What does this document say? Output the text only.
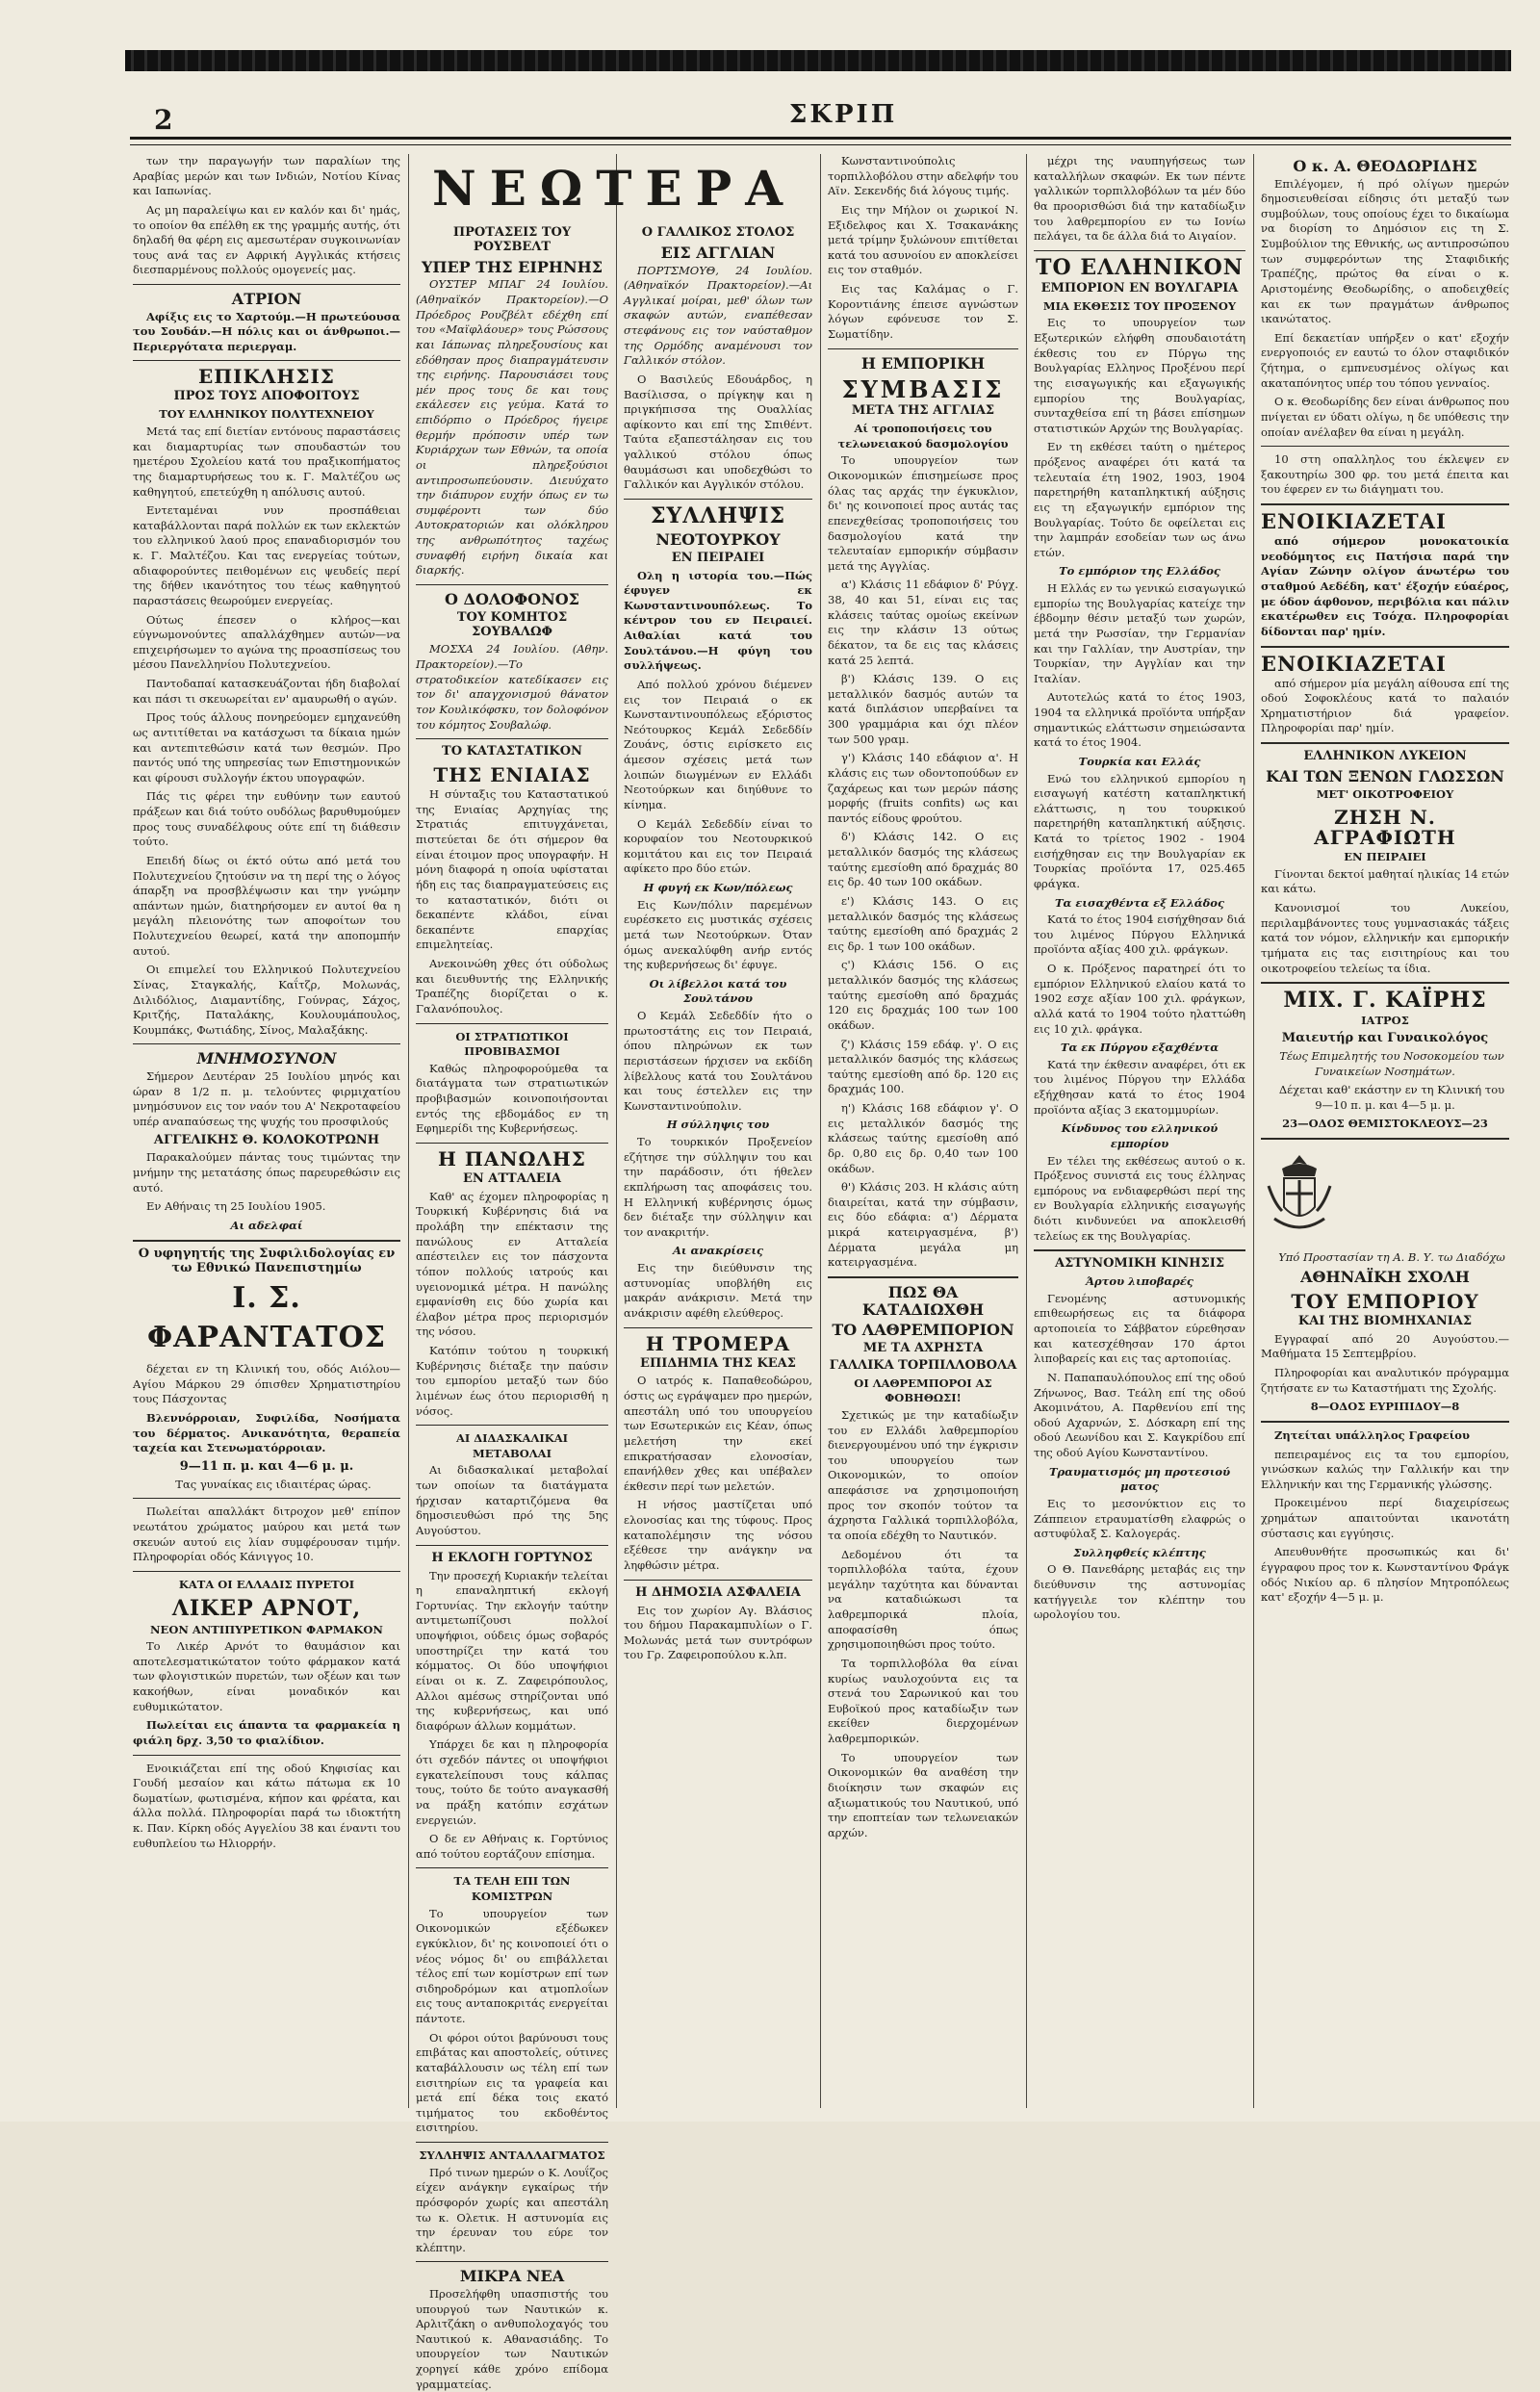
2	ΣΚΡΙΠ
ΝΕΩΤΕΡΑ

των την παραγωγήν των παραλίων της Αραβίας μερών και των Ινδιών, Νοτίου Κίνας και Ιαπωνίας.

Ας μη παραλείψω και εν καλόν και δι' ημάς, το οποίον θα επέλθη εκ της γραμμής αυτής, ότι δηλαδή θα φέρη εις αμεσωτέραν συγκοινωνίαν τους ανά τας εν Αφρική Αγγλικάς κτήσεις διεσπαρμένους πολλούς ομογενείς μας.

ΑΤΡΙΟΝ

Αφίξις εις το Χαρτούμ.—Η πρωτεύουσα του Σουδάν.—Η πόλις και οι άνθρωποι.—Περιεργότατα περιεργαμ.

ΕΠΙΚΛΗΣΙΣ
ΠΡΟΣ ΤΟΥΣ ΑΠΟΦΟΙΤΟΥΣ
ΤΟΥ ΕΛΛΗΝΙΚΟΥ ΠΟΛΥΤΕΧΝΕΙΟΥ

Μετά τας επί διετίαν εντόνους παραστάσεις και διαμαρτυρίας των σπουδαστών του ημετέρου Σχολείου κατά του πραξικοπήματος της διαμαρτυρήσεως του κ. Γ. Μαλτέζου ως καθηγητού, επετεύχθη η απόλυσις αυτού.

Εντεταμέναι νυν προσπάθειαι καταβάλλονται παρά πολλών εκ των εκλεκτών του ελληνικού λαού προς επαναδιορισμόν του κ. Γ. Μαλτέζου. Και τας ενεργείας τούτων, αδιαφορούντες πειθομένων εις ψευδείς περί της δήθεν ικανότητος του τέως καθηγητού παραστάσεις θεωρούμεν ενεργείας.

Ούτως έπεσεν ο κλήρος—και εύγνωμονούντες απαλλάχθημεν αυτών—να επιχειρήσωμεν το αγώνα της προασπίσεως του μέσου Πανελληνίου Πολυτεχνείου.

Παντοδαπαί κατασκευάζονται ήδη διαβολαί και πάσι τι σκευωρείται εν' αμαυρωθή ο αγών.

Προς τούς άλλους πονηρεύομεν εμηχανεύθη ως αντιτίθεται να κατάσχωσι τα δίκαια ημών και αντεπιτεθώσιν κατά των θεσμών. Προ παντός υπό της υπηρεσίας των Επιστημονικών και φίρουσι συλλογήν έκτου υπογραφών.

Πάς τις φέρει την ευθύνην των εαυτού πράξεων και διά τούτο ουδόλως βαρυθυμούμεν προς τους συναδέλφους ούτε επί τη διάθεσιν τούτο.

Επειδή δίως οι έκτό ούτω από μετά του Πολυτεχνείου ζητούσιν να τη περί της ο λόγος άπαρξη να προσβλέψωσιν και την γνώμην απάντων ημών, διατηρήσομεν εν αυτοί θα η μεγάλη πλειονότης των αποφοίτων του Πολυτεχνείου θεωρεί, κατά την αποπομπήν αυτού.

Οι επιμελεί του Ελληνικού Πολυτεχνείου Σίνας, Σταγκαλής, Καΐτζρ, Μολωνάς, Διλιδόλιος, Διαμαντίδης, Γούνρας, Σάχος, Κριτζής, Παταλάκης, Κουλουμάπουλος, Κουμπάκς, Φωτιάδης, Σίνος, Μαλαξάκης.

ΜΝΗΜΟΣΥΝΟΝ

Σήμερον Δευτέραν 25 Ιουλίου μηνός και ώραν 8 1/2 π. μ. τελούντες φιρμιχατίου μνημόσυνον εις τον ναόν του Α' Νεκροταφείου υπέρ αναπαύσεως της ψυχής του προσφιλούς

ΑΓΓΕΛΙΚΗΣ Θ. ΚΟΛΟΚΟΤΡΩΝΗ

Παρακαλούμεν πάντας τους τιμώντας την μνήμην της μετατάσης όπως παρευρεθώσιν εις αυτό.

Εν Αθήναις τη 25 Ιουλίου 1905.

Αι αδελφαί
Ο υφηγητής της Συφιλιδολογίας εν τω Εθνικώ Πανεπιστημίω
Ι. Σ. ΦΑΡΑΝΤΑΤΟΣ

δέχεται εν τη Κλινική του, οδός Αιόλου—Αγίου Μάρκου 29 όπισθεν Χρηματιστηρίου τους Πάσχοντας

Βλεννόρροιαν, Συφιλίδα, Νοσήματα του δέρματος. Ανικανότητα, θεραπεία ταχεία και Στενωματόρροιαν.

9—11 π. μ. και 4—6 μ. μ.

Τας γυναίκας εις ιδιαιτέρας ώρας.

Πωλείται απαλλάκτ διτροχον μεθ' επίπον νεωτάτου χρώματος μαύρου και μετά των σκευών αυτού εις λίαν συμφέρουσαν τιμήν. Πληροφορίαι οδός Κάνιγγος 10.

ΚΑΤΑ ΟΙ ΕΛΛΑΔΙΣ ΠΥΡΕΤΟΙ
ΛΙΚΕΡ ΑΡΝΟΤ,
ΝΕΟΝ ΑΝΤΙΠΥΡΕΤΙΚΟΝ ΦΑΡΜΑΚΟΝ

Το Λικέρ Αρνότ το θαυμάσιον και αποτελεσματικώτατον τούτο φάρμακον κατά των φλογιστικών πυρετών, των οξέων και των κακοήθων, είναι μοναδικόν και ευθυμικώτατον.

Πωλείται εις άπαντα τα φαρμακεία η φιάλη δρχ. 3,50 το φιαλίδιον.

Ενοικιάζεται επί της οδού Κηφισίας και Γουδή μεσαίον και κάτω πάτωμα εκ 10 δωματίων, φωτισμένα, κήπον και φρέατα, και άλλα πολλά. Πληροφορίαι παρά τω ιδιοκτήτη κ. Παν. Κίρκη οδός Αγγελίου 38 και έναντι του ευθυπλείου τω Ηλιορρήν.

ΠΡΟΤΑΣΕΙΣ ΤΟΥ ΡΟΥΣΒΕΛΤ
ΥΠΕΡ ΤΗΣ ΕΙΡΗΝΗΣ

ΟΥΣΤΕΡ ΜΠΑΓ 24 Ιουλίου. (Αθηναϊκόν Πρακτορείον).—Ο Πρόεδρος Ρουζβέλτ εδέχθη επί του «Μαϊφλάουερ» τους Ρώσσους και Ιάπωνας πληρεξουσίους και εδόθησαν προς διαπραγμάτευσιν της ειρήνης. Παρουσιάσει τους μέν προς τους δε και τους εκάλεσεν εις γεύμα. Κατά το επιδόρπιο ο Πρόεδρος ήγειρε θερμήν πρόποσιν υπέρ των Κυριάρχων των Εθνών, τα οποία οι πληρεξούσιοι αντιπροσωπεύουσιν. Διευύχατο την διάπυρον ευχήν όπως εν τω συμφέροντι των δύο Αυτοκρατοριών και ολόκληρου της ανθρωπότητος ταχέως συναφθή ειρήνη δικαία και διαρκής.

Ο ΔΟΛΟΦΟΝΟΣ
ΤΟΥ ΚΟΜΗΤΟΣ ΣΟΥΒΑΛΩΦ

ΜΟΣΧΑ 24 Ιουλίου. (Αθην. Πρακτορείον).—Το στρατοδικείον κατεδίκασεν εις τον δι' απαγχονισμού θάνατον τον Κουλικόφσκυ, τον δολοφόνον του κόμητος Σουβαλώφ.

ΤΟ ΚΑΤΑΣΤΑΤΙΚΟΝ
ΤΗΣ ΕΝΙΑΙΑΣ

Η σύνταξις του Καταστατικού της Ενιαίας Αρχηγίας της Στρατιάς επιτυγχάνεται, πιστεύεται δε ότι σήμερον θα είναι έτοιμον προς υπογραφήν. Η μόνη διαφορά η οποία υφίσταται ήδη εις τας διαπραγματεύσεις εις το καταστατικόν, διότι οι δεκαπέντε κλάδοι, είναι δεκαπέντε επαρχίας επιμελητείας.

Ανεκοινώθη χθες ότι ούδολως και διευθυντής της Ελληνικής Τραπέζης διορίζεται ο κ. Γαλανόπουλος.

ΟΙ ΣΤΡΑΤΙΩΤΙΚΟΙ ΠΡΟΒΙΒΑΣΜΟΙ

Καθώς πληροφορούμεθα τα διατάγματα των στρατιωτικών προβιβασμών κοινοποιήσονται εντός της εβδομάδος εν τη Εφημερίδι της Κυβερνήσεως.

Η ΠΑΝΩΛΗΣ
ΕΝ ΑΤΤΑΛΕΙΑ

Καθ' ας έχομεν πληροφορίας η Τουρκική Κυβέρνησις διά να προλάβη την επέκτασιν της πανώλους εν Ατταλεία απέστειλεν εις τον πάσχοντα τόπον πολλούς ιατρούς και υγειονομικά μέτρα. Η πανώλης εμφανίσθη εις δύο χωρία και έλαβον μέτρα προς περιορισμόν της νόσου.

Κατόπιν τούτου η τουρκική Κυβέρνησις διέταξε την παύσιν του εμπορίου μεταξύ των δύο λιμένων έως ότου περιορισθή η νόσος.

ΑΙ ΔΙΔΑΣΚΑΛΙΚΑΙ ΜΕΤΑΒΟΛΑΙ

Αι διδασκαλικαί μεταβολαί των οποίων τα διατάγματα ήρχισαν καταρτιζόμενα θα δημοσιευθώσι πρό της 5ης Αυγούστου.

Η ΕΚΛΟΓΗ ΓΟΡΤΥΝΟΣ

Την προσεχή Κυριακήν τελείται η επαναληπτική εκλογή Γορτυνίας. Την εκλογήν ταύτην αντιμετωπίζουσι πολλοί υποψήφιοι, ούδεις όμως σοβαρός υποστηρίζει την κατά του κόμματος. Οι δύο υποψήφιοι είναι οι κ. Ζ. Ζαφειρόπουλος, Αλλοι αμέσως στηρίζονται υπό της κυβερνήσεως, και υπό διαφόρων άλλων κομμάτων.

Υπάρχει δε και η πληροφορία ότι σχεδόν πάντες οι υποψήφιοι εγκατελείπουσι τους κάλπας τους, τούτο δε τούτο αναγκασθή να πράξη κατόπιν εσχάτων ενεργειών.

Ο δε εν Αθήναις κ. Γορτύνιος από τούτου εορτάζουν επίσημα.

ΤΑ ΤΕΛΗ ΕΠΙ ΤΩΝ ΚΟΜΙΣΤΡΩΝ

Το υπουργείον των Οικονομικών εξέδωκεν εγκύκλιον, δι' ης κοινοποιεί ότι ο νέος νόμος δι' ου επιβάλλεται τέλος επί των κομίστρων επί των σιδηροδρόμων και ατμοπλοΐων εις τους ανταποκριτάς ενεργείται πάντοτε.

Οι φόροι ούτοι βαρύνουσι τους επιβάτας και αποστολείς, ούτινες καταβάλλουσιν ως τέλη επί των εισιτηρίων εις τα γραφεία και μετά επί δέκα τοις εκατό τιμήματος του εκδοθέντος εισιτηρίου.

ΣΥΛΛΗΨΙΣ ΑΝΤΑΛΛΑΓΜΑΤΟΣ

Πρό τινων ημερών ο Κ. Λουΐζος είχεν ανάγκην εγκαίρως τήν πρόσφορόν χωρίς και απεστάλη τω κ. Ολετικ. Η αστυνομία εις την έρευναν του εύρε τον κλέπτην.

ΜΙΚΡΑ ΝΕΑ

Προσελήφθη υπασπιστής του υπουργού των Ναυτικών κ. Αρλιτζάκη ο ανθυπολοχαγός του Ναυτικού κ. Αθανασιάδης. Το υπουργείον των Ναυτικών χορηγεί κάθε χρόνο επίδομα γραμματείας.

Ο ΓΑΛΛΙΚΟΣ ΣΤΟΛΟΣ
ΕΙΣ ΑΓΓΛΙΑΝ

ΠΟΡΤΣΜΟΥΘ, 24 Ιουλίου. (Αθηναϊκόν Πρακτορείον).—Αι Αγγλικαί μοίραι, μεθ' όλων των σκαφών αυτών, εναπέθεσαν στεφάνους εις τον ναύσταθμον της Ορμόδης αναμένουσι τον Γαλλικόν στόλον.

Ο Βασιλεύς Εδουάρδος, η Βασίλισσα, ο πρίγκηψ και η πριγκήπισσα της Ουαλλίας αφίκοντο και επί της Σπιθέντ. Ταύτα εξαπεστάλησαν εις του γαλλικού στόλου όπως θαυμάσωσι και υποδεχθώσι το Γαλλικόν και Αγγλικόν στόλου.

ΣΥΛΛΗΨΙΣ
ΝΕΟΤΟΥΡΚΟΥ
ΕΝ ΠΕΙΡΑΙΕΙ

Ολη η ιστορία του.—Πώς έφυγεν εκ Κωνσταντινουπόλεως. Το κέντρον του εν Πειραιεί. Αιθαλίαι κατά του Σουλτάνου.—Η φύγη του συλλήψεως.

Από πολλού χρόνου διέμενεν εις τον Πειραιά ο εκ Κωνσταντινουπόλεως εξόριστος Νεότουρκος Κεμάλ Σεδεδδίν Ζουάνς, όστις ειρίσκετο εις άμεσον σχέσεις μετά των λοιπών διωγμένων εν Ελλάδι Νεοτούρκων και διηύθυνε το κίνημα.

Ο Κεμάλ Σεδεδδίν είναι το κορυφαίον του Νεοτουρκικού κομιτάτου και εις τον Πειραιά αφίκετο προ δύο ετών.

Η φυγή εκ Κων/πόλεως

Εις Κων/πόλιν παρεμένων ευρέσκετο εις μυστικάς σχέσεις μετά των Νεοτούρκων. Όταν όμως ανεκαλύφθη ανήρ εντός της κυβερνήσεως δι' έφυγε.

Οι λίβελλοι κατά του Σουλτάνου

Ο Κεμάλ Σεδεδδίν ήτο ο πρωτοστάτης εις τον Πειραιά, όπου πληρώνων εκ των περιστάσεων ήρχισεν να εκδίδη λίβελλους κατά του Σουλτάνου και τους έστελλεν εις την Κωνσταντινούπολιν.

Η σύλληψις του

Το τουρκικόν Προξενείον εζήτησε την σύλληψιν του και την παράδοσιν, ότι ήθελεν εκπλήρωση τας αποφάσεις του. Η Ελληνική κυβέρνησις όμως δεν διέταξε την σύλληψιν και τον ανακριτήν.

Αι ανακρίσεις

Εις την διεύθυνσιν της αστυνομίας υποβλήθη εις μακράν ανάκρισιν. Μετά την ανάκρισιν αφέθη ελεύθερος.

Η ΤΡΟΜΕΡΑ
ΕΠΙΔΗΜΙΑ ΤΗΣ ΚΕΑΣ

Ο ιατρός κ. Παπαθεοδώρου, όστις ως εγράψαμεν προ ημερών, απεστάλη υπό του υπουργείου των Εσωτερικών εις Κέαν, όπως μελετήση την εκεί επικρατήσασαν ελονοσίαν, επανήλθεν χθες και υπέβαλεν έκθεσιν περί των μελετών.

Η νήσος μαστίζεται υπό ελονοσίας και της τύφους. Προς καταπολέμησιν της νόσου εξέθεσε την ανάγκην να ληφθώσιν μέτρα.

Η ΔΗΜΟΣΙΑ ΑΣΦΑΛΕΙΑ

Εις τον χωρίον Αγ. Βλάσιος του δήμου Παρακαμπυλίων ο Γ. Μολωνάς μετά των συντρόφων του Γρ. Ζαφειροπούλου κ.λπ.

Κωνσταντινούπολις τορπιλλοβόλου στην αδελφήν του Αϊν. Σεκενδής διά λόγους τιμής.

Εις την Μήλον οι χωρικοί Ν. Εξιδελφος και Χ. Τσακανάκης μετά τρίμην ξυλώνουν επιτίθεται κατά του ασυνοίου εν αποκλείσει εις τον σταθμόν.

Εις τας Καλάμας ο Γ. Κοροντιάνης έπεισε αγνώστων λόγων εφόνευσε τον Σ. Σωματίδην.

Η ΕΜΠΟΡΙΚΗ
ΣΥΜΒΑΣΙΣ
ΜΕΤΑ ΤΗΣ ΑΓΓΛΙΑΣ
Αί τροποποιήσεις του τελωνειακού δασμολογίου

Το υπουργείον των Οικονομικών έπισημείωσε προς όλας τας αρχάς την έγκυκλιον, δι' ης κοινοποιεί προς αυτάς τας επενεχθείσας τροποποιήσεις του δασμολογίου κατά την τελευταίαν εμπορικήν σύμβασιν μετά της Αγγλίας.

α') Κλάσις 11 εδάφιον δ' Ρύγχ. 38, 40 και 51, είναι εις τας κλάσεις ταύτας ομοίως εκείνων εις την κλάσιν 13 ούτως δέκατον, τα δε εις τας κλάσεις κατά 25 λεπτά.

β') Κλάσις 139. Ο εις μεταλλικόν δασμός αυτών τα κατά διπλάσιον υπερβαίνει τα 300 γραμμάρια και όχι πλέον των 500 γραμ.

γ') Κλάσις 140 εδάφιον α'. Η κλάσις εις των οδοντοπούδων εν ζαχάρεως και των μερών πάσης μορφής (fruits confits) ως και παντός είδους φρούτου.

δ') Κλάσις 142. Ο εις μεταλλικόν δασμός της κλάσεως ταύτης εμεσίοθη από δραχμάς 80 εις δρ. 40 των 100 οκάδων.

ε') Κλάσις 143. Ο εις μεταλλικόν δασμός της κλάσεως ταύτης εμεσίοθη από δραχμάς 2 εις δρ. 1 των 100 οκάδων.

ς') Κλάσις 156. Ο εις μεταλλικόν δασμός της κλάσεως ταύτης εμεσίοθη από δραχμάς 120 εις δραχμάς 100 των 100 οκάδων.

ζ') Κλάσις 159 εδάφ. γ'. Ο εις μεταλλικόν δασμός της κλάσεως ταύτης εμεσίοθη από δρ. 120 εις δραχμάς 100.

η') Κλάσις 168 εδάφιον γ'. Ο εις μεταλλικόν δασμός της κλάσεως ταύτης εμεσίοθη από δρ. 0,80 εις δρ. 0,40 των 100 οκάδων.

θ') Κλάσις 203. Η κλάσις αύτη διαιρείται, κατά την σύμβασιν, εις δύο εδάφια: α') Δέρματα μικρά κατειργασμένα, β') Δέρματα μεγάλα μη κατειργασμένα.

ΠΩΣ ΘΑ ΚΑΤΑΔΙΩΧΘΗ
ΤΟ ΛΑΘΡΕΜΠΟΡΙΟΝ
ΜΕ ΤΑ ΑΧΡΗΣΤΑ
ΓΑΛΛΙΚΑ ΤΟΡΠΙΛΛΟΒΟΛΑ
ΟΙ ΛΑΘΡΕΜΠΟΡΟΙ ΑΣ ΦΟΒΗΘΩΣΙ!

Σχετικώς με την καταδίωξιν του εν Ελλάδι λαθρεμπορίου διενεργουμένου υπό την έγκρισιν του υπουργείου των Οικονομικών, το οποίον απεφάσισε να χρησιμοποιήση προς τον σκοπόν τούτον τα άχρηστα Γαλλικά τορπιλλοβόλα, τα οποία εδέχθη το Ναυτικόν.

Δεδομένου ότι τα τορπιλλοβόλα ταύτα, έχουν μεγάλην ταχύτητα και δύνανται να καταδιώκωσι τα λαθρεμπορικά πλοία, αποφασίσθη όπως χρησιμοποιηθώσι προς τούτο.

Τα τορπιλλοβόλα θα είναι κυρίως ναυλοχούντα εις τα στενά του Σαρωνικού και του Ευβοϊκού προς καταδίωξιν των εκείθεν διερχομένων λαθρεμπορικών.

Το υπουργείον των Οικονομικών θα αναθέση την διοίκησιν των σκαφών εις αξιωματικούς του Ναυτικού, υπό την εποπτείαν των τελωνειακών αρχών.

μέχρι της ναυπηγήσεως των καταλλήλων σκαφών. Εκ των πέντε γαλλικών τορπιλλοβόλων τα μέν δύο θα προορισθώσι διά την καταδίωξιν του λαθρεμπορίου εν τω Ιονίω πελάγει, τα δε άλλα διά το Αιγαίον.

ΤΟ ΕΛΛΗΝΙΚΟΝ
ΕΜΠΟΡΙΟΝ ΕΝ ΒΟΥΛΓΑΡΙΑ
ΜΙΑ ΕΚΘΕΣΙΣ ΤΟΥ ΠΡΟΞΕΝΟΥ

Εις το υπουργείον των Εξωτερικών ελήφθη σπουδαιοτάτη έκθεσις του εν Πύργω της Βουλγαρίας Ελληνος Προξένου περί της εισαγωγικής και εξαγωγικής εμπορίου της Βουλγαρίας, συνταχθείσα επί τη βάσει επίσημων στατιστικών Αρχών της Βουλγαρίας.

Εν τη εκθέσει ταύτη ο ημέτερος πρόξενος αναφέρει ότι κατά τα τελευταία έτη 1902, 1903, 1904 παρετηρήθη καταπληκτική αύξησις εις τη εξαγωγικήν εμπόριον της Βουλγαρίας. Τούτο δε οφείλεται εις την λαμπράν εσοδείαν των ως άνω ετών.

Το εμπόριον της Ελλάδος

Η Ελλάς εν τω γενικώ εισαγωγικώ εμπορίω της Βουλγαρίας κατείχε την έβδομην θέσιν μεταξύ των χωρών, μετά την Ρωσσίαν, την Γερμανίαν και την Γαλλίαν, την Αυστρίαν, την Τουρκίαν, την Αγγλίαν και την Ιταλίαν.

Αυτοτελώς κατά το έτος 1903, 1904 τα ελληνικά προϊόντα υπήρξαν σημαντικώς ελάττωσιν σημειώσαντα κατά το έτος 1904.

Τουρκία και Ελλάς

Ενώ του ελληνικού εμπορίου η εισαγωγή κατέστη καταπληκτική ελάττωσις, η του τουρκικού παρετηρήθη καταπληκτική αύξησις. Κατά το τρίετος 1902 - 1904 εισήχθησαν εις την Βουλγαρίαν εκ Τουρκίας προϊόντα 17, 025.465 φράγκα.

Τα εισαχθέντα εξ Ελλάδος

Κατά το έτος 1904 εισήχθησαν διά του λιμένος Πύργου Ελληνικά προϊόντα αξίας 400 χιλ. φράγκων.

Ο κ. Πρόξενος παρατηρεί ότι το εμπόριον Ελληνικού ελαίου κατά το 1902 εσχε αξίαν 100 χιλ. φράγκων, αλλά κατά το 1904 τούτο ηλαττώθη εις 10 χιλ. φράγκα.

Τα εκ Πύργου εξαχθέντα

Κατά την έκθεσιν αναφέρει, ότι εκ του λιμένος Πύργου την Ελλάδα εξήχθησαν κατά το έτος 1904 προϊόντα αξίας 3 εκατομμυρίων.

Κίνδυνος του ελληνικού εμπορίου

Εν τέλει της εκθέσεως αυτού ο κ. Πρόξενος συνιστά εις τους έλληνας εμπόρους να ενδιαφερθώσι περί της εν Βουλγαρία ελληνικής εισαγωγής διότι κινδυνεύει να αποκλεισθή τελείως εκ της Βουλγαρίας.

ΑΣΤΥΝΟΜΙΚΗ ΚΙΝΗΣΙΣ
Άρτου λιποβαρές

Γενομένης αστυνομικής επιθεωρήσεως εις τα διάφορα αρτοποιεία το Σάββατον εύρεθησαν και κατεσχέθησαν 170 άρτοι λιποβαρείς και εις τας αρτοποιίας.

Ν. Παπαπαυλόπουλος επί της οδού Ζήνωνος, Βασ. Τεάλη επί της οδού Ακομινάτου, Α. Παρθενίου επί της οδού Αχαρνών, Σ. Δόσκαρη επί της οδού Λεωνίδου και Σ. Καγκρίδου επί της οδού Αγίου Κωνσταντίνου.

Τραυματισμός μη προτεσιού ματος

Εις το μεσονύκτιον εις το Ζάππειον ετραυματίσθη ελαφρώς ο αστυφύλαξ Σ. Καλογεράς.

Συλληφθείς κλέπτης

Ο Θ. Πανεθάρης μεταβάς εις την διεύθυνσιν της αστυνομίας κατήγγειλε τον κλέπτην του ωρολογίου του.

Ο κ. Α. ΘΕΟΔΩΡΙΔΗΣ

Επιλέγομεν, ή πρό ολίγων ημερών δημοσιευθείσαι είδησις ότι μεταξύ των συμβούλων, τους οποίους έχει το δικαίωμα να διορίση το Δημόσιον εις τη Σ. Συμβούλιον της Εθνικής, ως αντιπροσώπου των συμφερόντων της Σταφιδικής Τραπέζης, πρώτος θα είναι ο κ. Αριστομένης Θεοδωρίδης, ο αποδειχθείς και εκ των πραγμάτων άνθρωπος ικανώτατος.

Επί δεκαετίαν υπήρξεν ο κατ' εξοχήν ενεργοποιός εν εαυτώ το όλον σταφιδικόν ζήτημα, ο εμπνευσμένος ολίγως και ακαταπόνητος υπέρ του τόπου γενναίος.

Ο κ. Θεοδωρίδης δεν είναι άνθρωπος που πνίγεται εν ύδατι ολίγω, η δε υπόθεσις την οποίαν ανέλαβεν θα είναι η μεγάλη.

10 στη οπαλληλος του έκλεψεν εν ξακουτηρίω 300 φρ. του μετά έπειτα και του έφερεν εν τω διάγηματι του.

ΕΝΟΙΚΙΑΖΕΤΑΙ

από σήμερον μονοκατοικία νεοδόμητος εις Πατήσια παρά την Αγίαν Ζώνην ολίγον άνωτέρω του σταθμού Αεδέδη, κατ' έξοχήν εύαέρος, με όδον άφθονον, περιβόλια και πάλιν εκατέρωθεν εις Τσόχα. Πληροφορίαι δίδονται παρ' ημίν.

ΕΝΟΙΚΙΑΖΕΤΑΙ

από σήμερον μία μεγάλη αίθουσα επί της οδού Σοφοκλέους κατά το παλαιόν Χρηματιστήριον διά γραφείον. Πληροφορίαι παρ' ημίν.

ΕΛΛΗΝΙΚΟΝ ΛΥΚΕΙΟΝ
ΚΑΙ ΤΩΝ ΞΕΝΩΝ ΓΛΩΣΣΩΝ
ΜΕΤ' ΟΙΚΟΤΡΟΦΕΙΟΥ
ΖΗΣΗ Ν. ΑΓΡΑΦΙΩΤΗ
ΕΝ ΠΕΙΡΑΙΕΙ

Γίνονται δεκτοί μαθηταί ηλικίας 14 ετών και κάτω.

Κανονισμοί του Λυκείου, περιλαμβάνοντες τους γυμνασιακάς τάξεις κατά τον νόμον, ελληνικήν και εμπορικήν τμήματα εις τας εισιτηρίους και του οικοτροφείου τελείως τα ίδια.

ΜΙΧ. Γ. ΚΑΪΡΗΣ
ΙΑΤΡΟΣ
Μαιευτήρ και Γυναικολόγος

Τέως Επιμελητής του Νοσοκομείου των Γυναικείων Νοσημάτων.

Δέχεται καθ' εκάστην εν τη Κλινική του 9—10 π. μ. και 4—5 μ. μ.

23—ΟΔΟΣ ΘΕΜΙΣΤΟΚΛΕΟΥΣ—23

Υπό Προστασίαν τη Α. Β. Υ. τω Διαδόχω

ΑΘΗΝΑΪΚΗ ΣΧΟΛΗ
ΤΟΥ ΕΜΠΟΡΙΟΥ
ΚΑΙ ΤΗΣ ΒΙΟΜΗΧΑΝΙΑΣ

Εγγραφαί από 20 Αυγούστου.—Μαθήματα 15 Σεπτεμβρίου.

Πληροφορίαι και αναλυτικόν πρόγραμμα ζητήσατε εν τω Καταστήματι της Σχολής.

8—ΟΔΟΣ ΕΥΡΙΠΙΔΟΥ—8

Ζητείται υπάλληλος Γραφείου

πεπειραμένος εις τα του εμπορίου, γινώσκων καλώς την Γαλλικήν και την Ελληνικήν και της Γερμανικής γλώσσης.

Προκειμένου περί διαχειρίσεως χρημάτων απαιτούνται ικανοτάτη σύστασις και εγγύησις.

Απευθυνθήτε προσωπικώς και δι' έγγραφου προς τον κ. Κωνσταντίνου Φράγκ οδός Νικίου αρ. 6 πλησίον Μητροπόλεως κατ' εξοχήν 4—5 μ. μ.
